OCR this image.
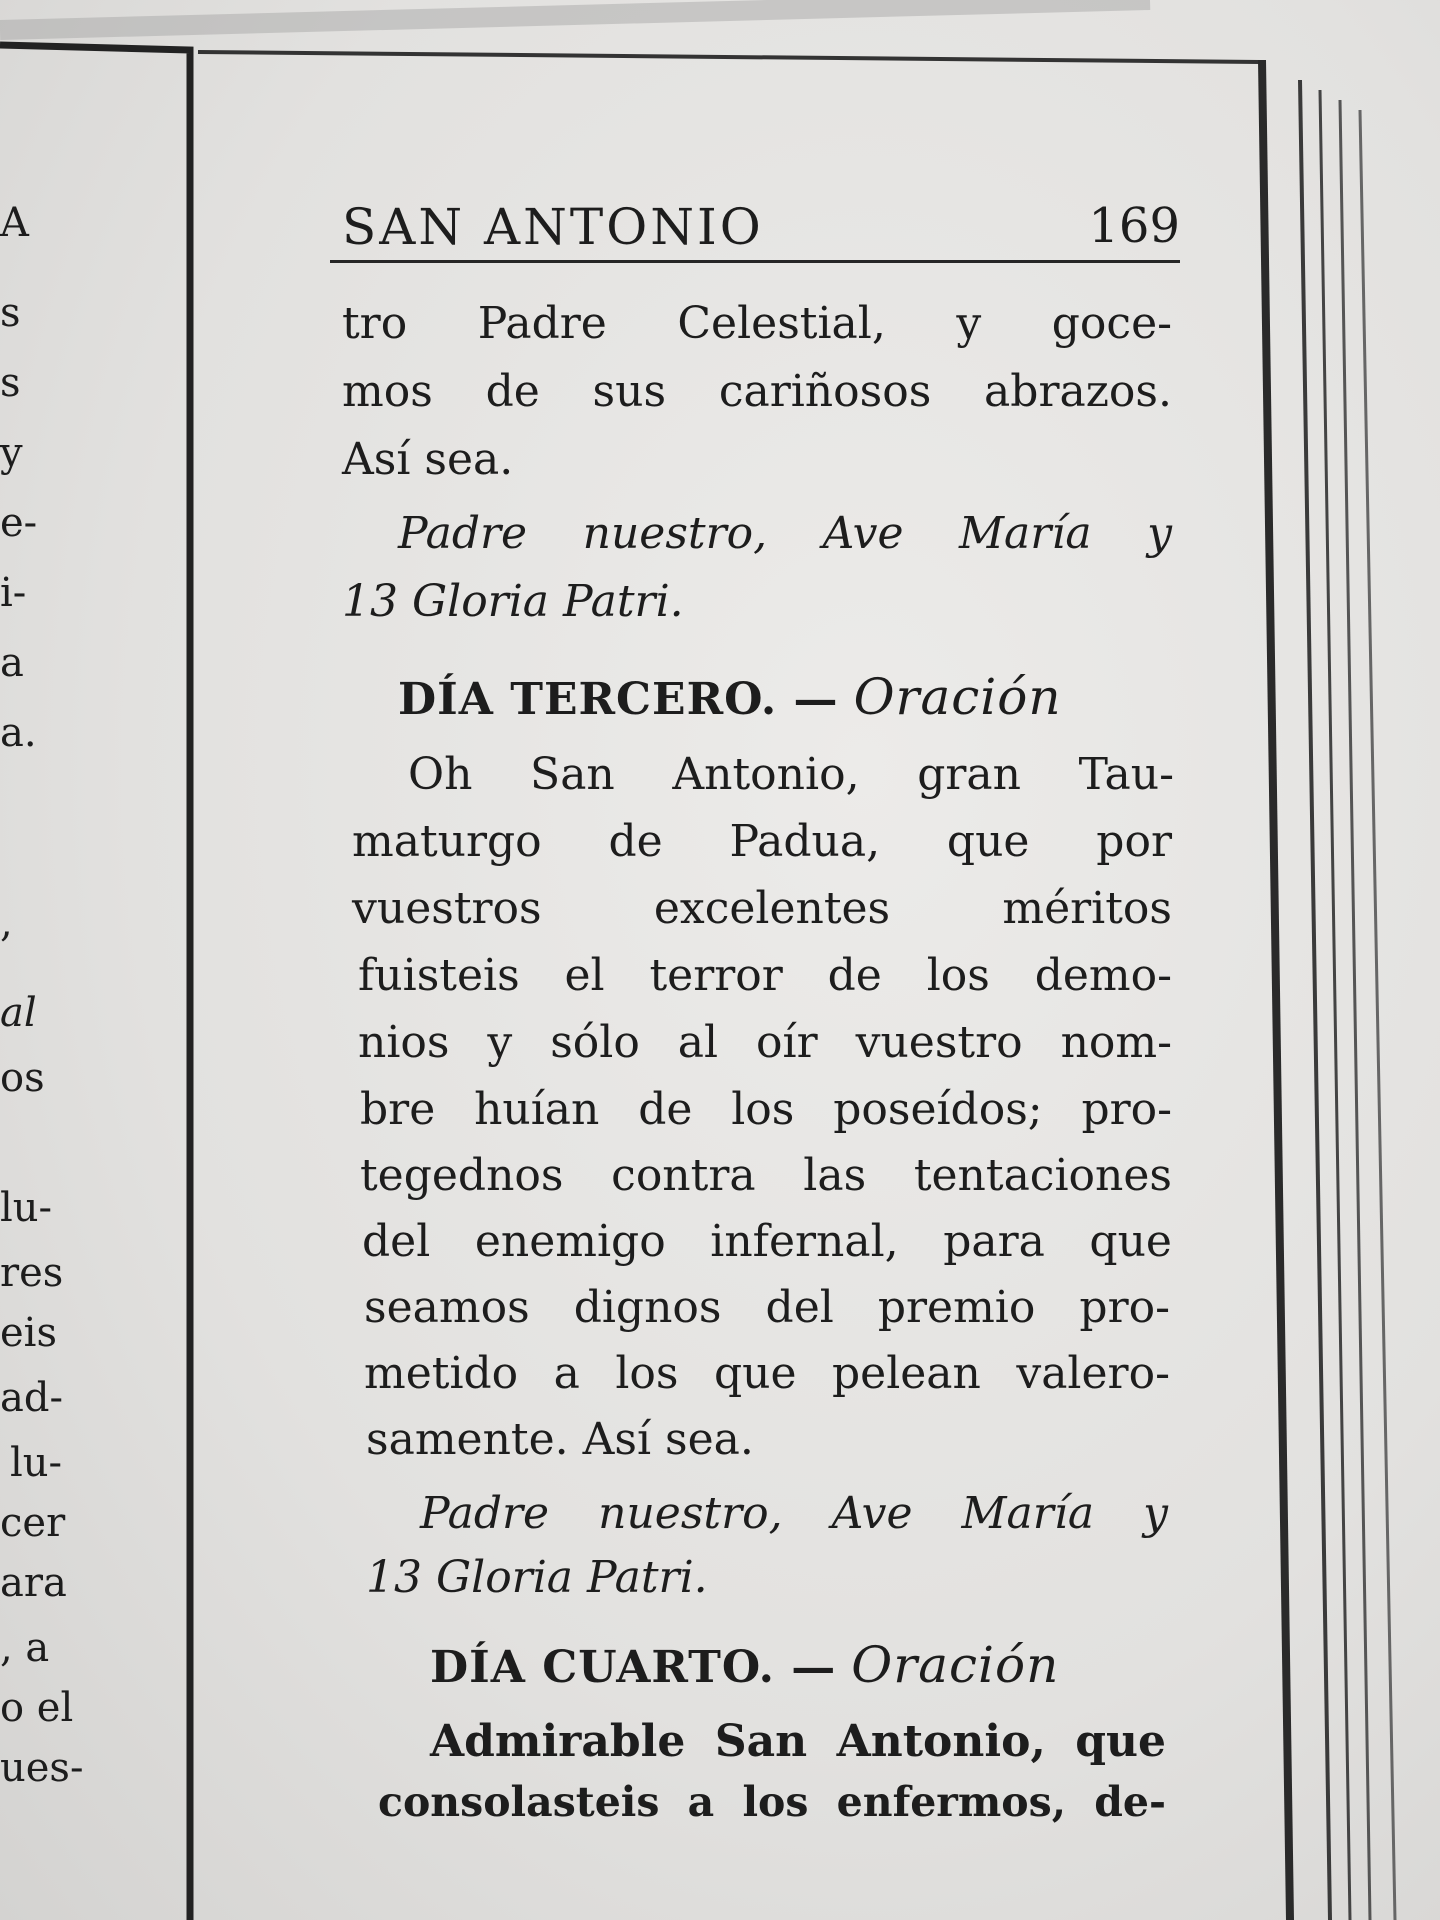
A
s
s
y
e-
i-
a
a.
,
al
os
lu-
res
eis
ad-
lu-
cer
ara
, a
o el
ues-
SAN ANTONIO	169
tro Padre Celestial, y goce-
mos de sus cariñosos abrazos.
Así sea.
Padre nuestro, Ave María y
13 Gloria Patri.
DÍA TERCERO. — Oración
Oh San Antonio, gran Tau-
maturgo de Padua, que por
vuestros	excelentes	méritos
fuisteis el terror de los demo-
nios y sólo al oír vuestro nom-
bre huían de los poseídos; pro-
tegednos contra las tentaciones
del enemigo infernal, para que
seamos dignos del premio pro-
metido a los que pelean valero-
samente. Así sea.
Padre nuestro, Ave María y
13 Gloria Patri.
DÍA CUARTO. — Oración
Admirable San Antonio, que
consolasteis a los enfermos, de-
